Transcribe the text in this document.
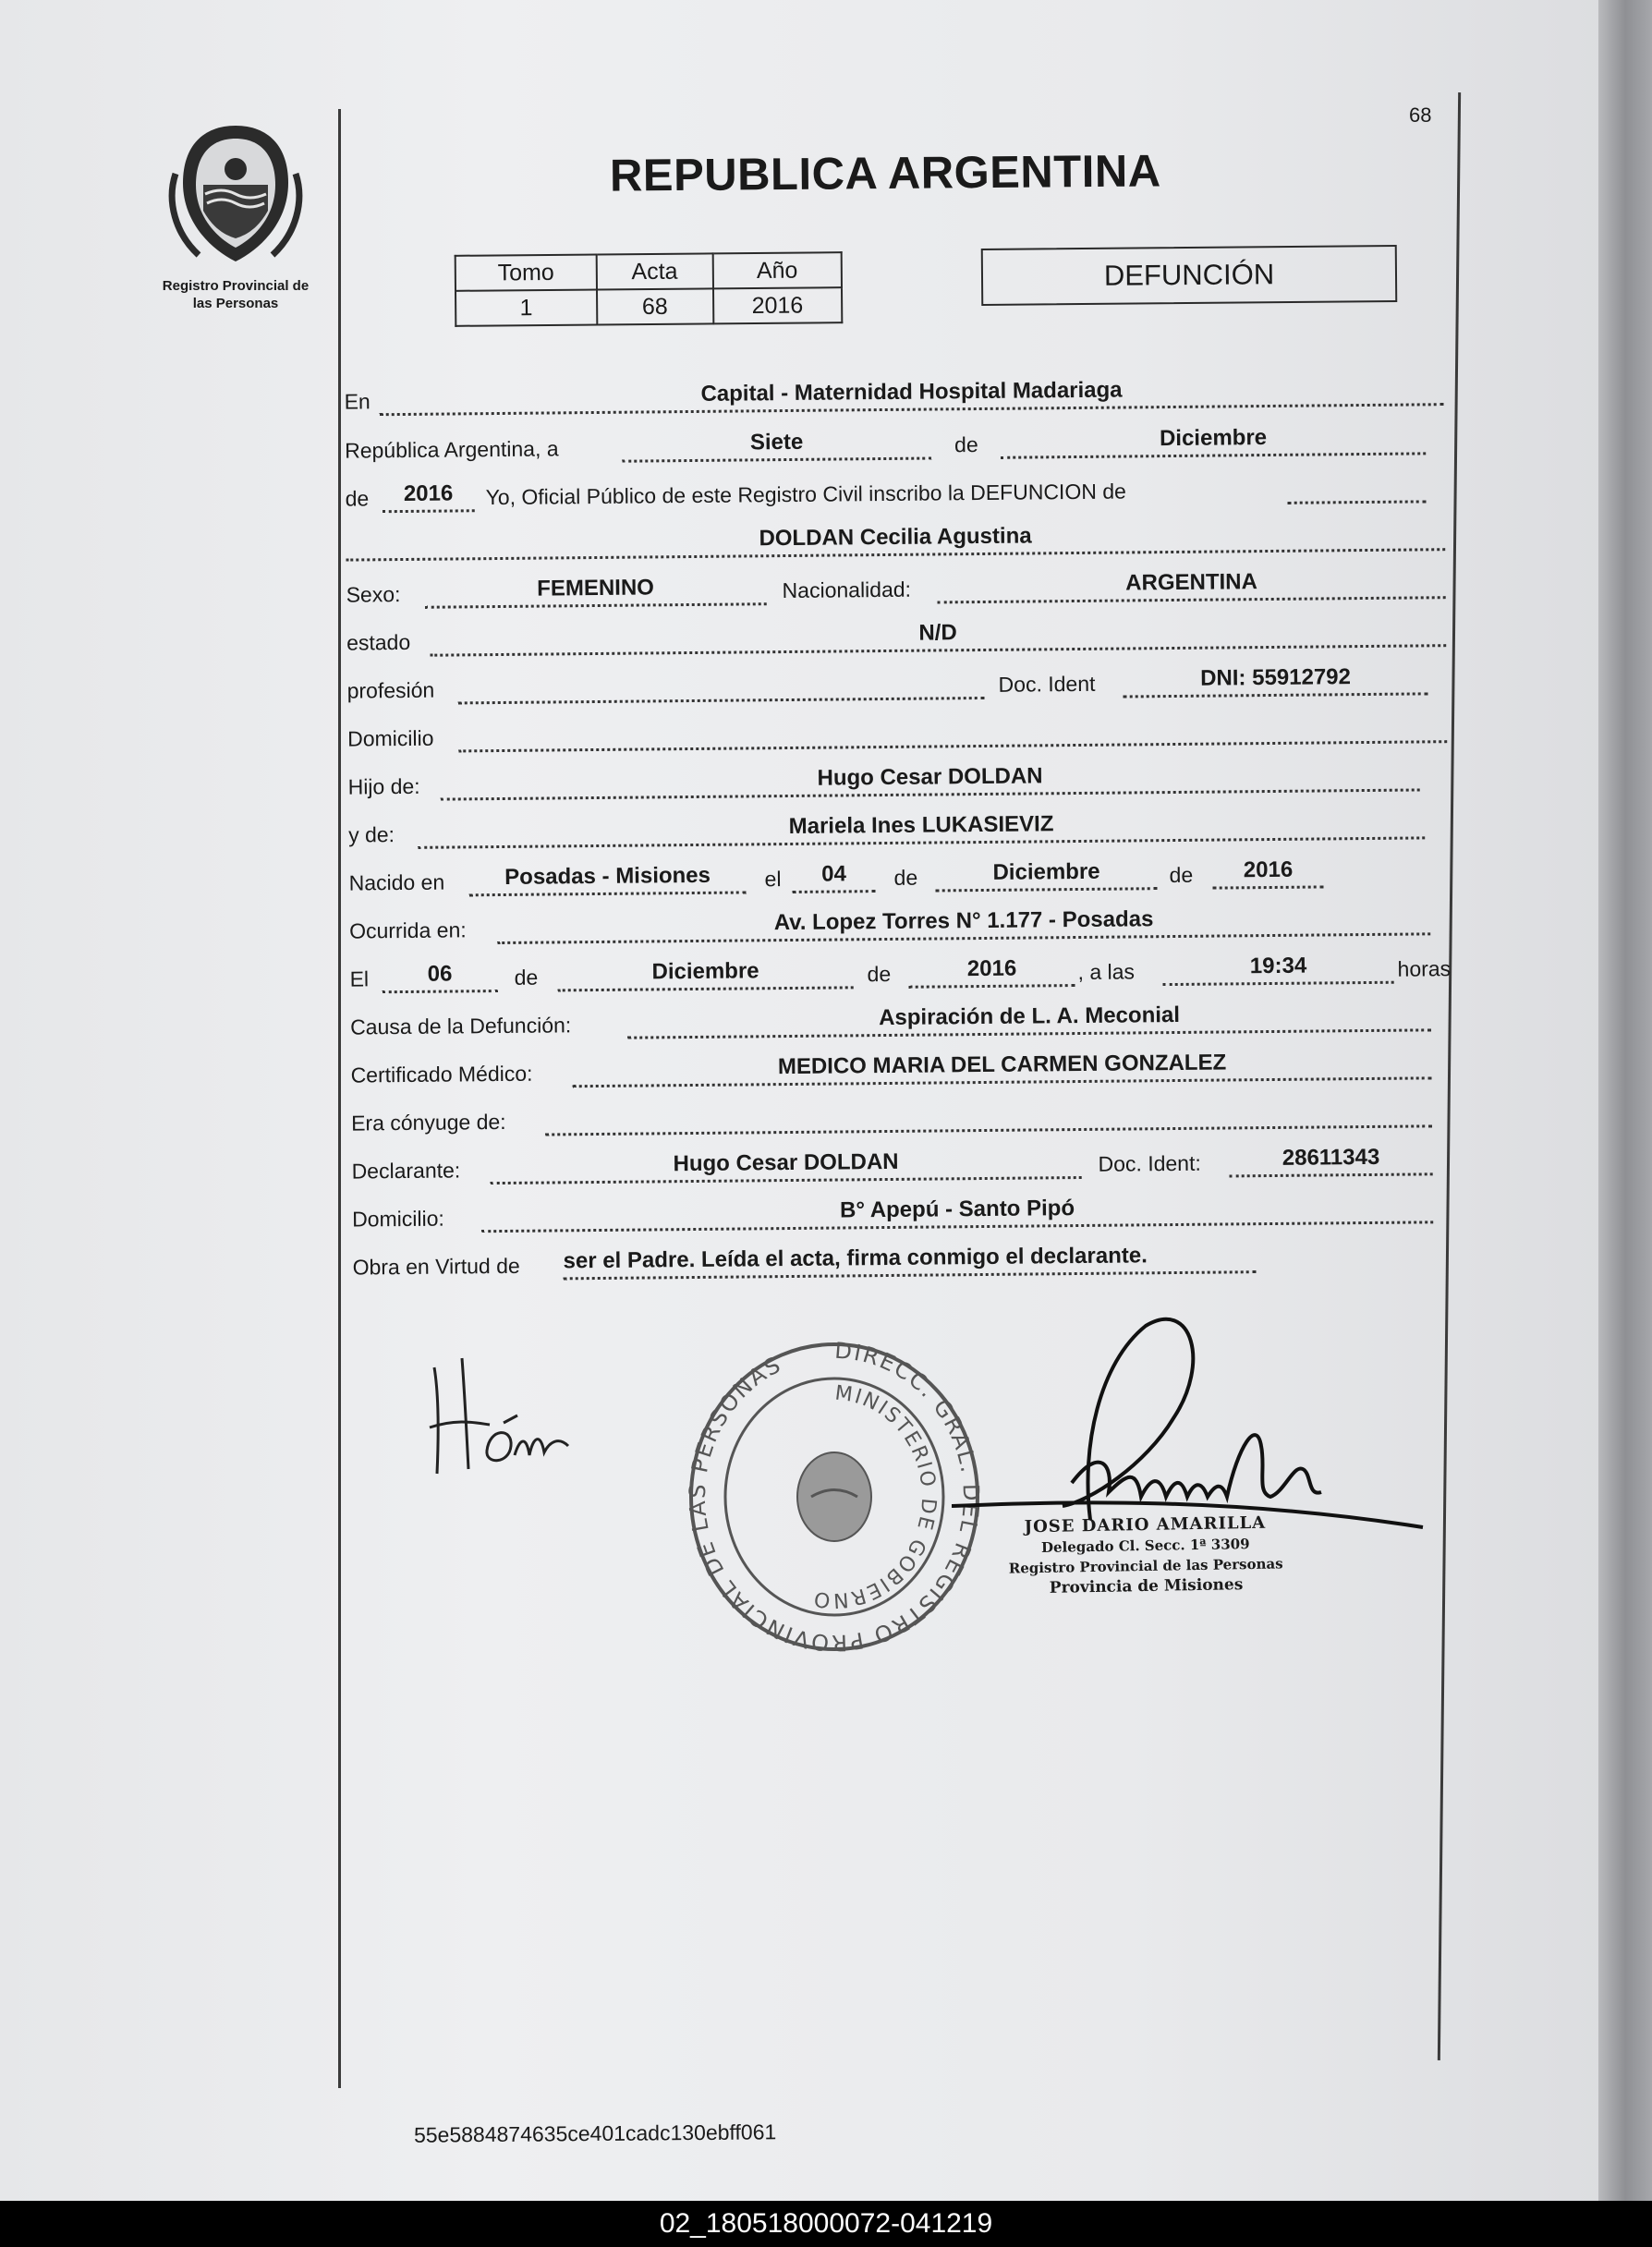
Registro Provincial de
las Personas
68
REPUBLICA ARGENTINA
Tomo	Acta	Año
1	68	2016
DEFUNCIÓN
En	Capital - Maternidad Hospital Madariaga
República Argentina, a	Siete	de	Diciembre
de	2016	Yo, Oficial Público de este Registro Civil inscribo la DEFUNCION de
DOLDAN Cecilia Agustina
Sexo:	FEMENINO	Nacionalidad:	ARGENTINA
estado	N/D
profesión	Doc. Ident	DNI: 55912792
Domicilio
Hijo de:	Hugo Cesar DOLDAN
y de:	Mariela Ines LUKASIEVIZ
Nacido en	Posadas - Misiones	el	04	de	Diciembre	de	2016
Ocurrida en:	Av. Lopez Torres N° 1.177 - Posadas
El	06	de	Diciembre	de	2016	, a las	19:34	horas
Causa de la Defunción:	Aspiración de L. A. Meconial
Certificado Médico:	MEDICO MARIA DEL CARMEN GONZALEZ
Era cónyuge de:
Declarante:	Hugo Cesar DOLDAN	Doc. Ident:	28611343
Domicilio:	B° Apepú - Santo Pipó
Obra en Virtud de ser el Padre. Leída el acta, firma conmigo el declarante.
DIRECC. GRAL. DEL REGISTRO PROVINCIAL DE LAS PERSONAS
MINISTERIO DE GOBIERNO
JOSE DARIO AMARILLA
Delegado Cl. Secc. 1ª 3309
Registro Provincial de las Personas
Provincia de Misiones
55e5884874635ce401cadc130ebff061
02_180518000072-041219
